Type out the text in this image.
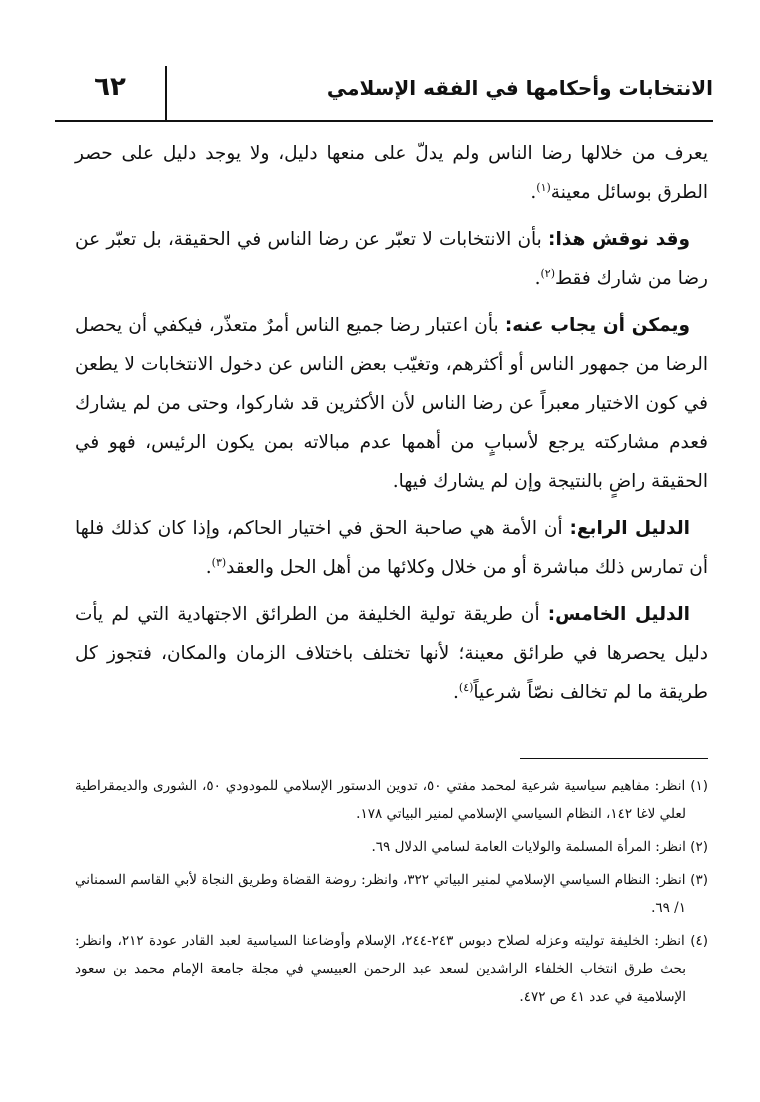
٦٢	الانتخابات وأحكامها في الفقه الإسلامي

يعرف من خلالها رضا الناس ولم يدلّ على منعها دليل، ولا يوجد دليل على حصر الطرق بوسائل معينة$^{(١)}$.

وقد نوقش هذا: بأن الانتخابات لا تعبّر عن رضا الناس في الحقيقة، بل تعبّر عن رضا من شارك فقط$^{(٢)}$.

ويمكن أن يجاب عنه: بأن اعتبار رضا جميع الناس أمرٌ متعذّر، فيكفي أن يحصل الرضا من جمهور الناس أو أكثرهم، وتغيّب بعض الناس عن دخول الانتخابات لا يطعن في كون الاختيار معبراً عن رضا الناس لأن الأكثرين قد شاركوا، وحتى من لم يشارك فعدم مشاركته يرجع لأسبابٍ من أهمها عدم مبالاته بمن يكون الرئيس، فهو في الحقيقة راضٍ بالنتيجة وإن لم يشارك فيها.

الدليل الرابع: أن الأمة هي صاحبة الحق في اختيار الحاكم، وإذا كان كذلك فلها أن تمارس ذلك مباشرة أو من خلال وكلائها من أهل الحل والعقد$^{(٣)}$.

الدليل الخامس: أن طريقة تولية الخليفة من الطرائق الاجتهادية التي لم يأت دليل يحصرها في طرائق معينة؛ لأنها تختلف باختلاف الزمان والمكان، فتجوز كل طريقة ما لم تخالف نصّاً شرعياً$^{(٤)}$.

(١) انظر: مفاهيم سياسية شرعية لمحمد مفتي ٥٠، تدوين الدستور الإسلامي للمودودي ٥٠، الشورى والديمقراطية لعلي لاغا ١٤٢، النظام السياسي الإسلامي لمنير البياتي ١٧٨.
(٢) انظر: المرأة المسلمة والولايات العامة لسامي الدلال ٦٩.
(٣) انظر: النظام السياسي الإسلامي لمنير البياتي ٣٢٢، وانظر: روضة القضاة وطريق النجاة لأبي القاسم السمناني ١/ ٦٩.
(٤) انظر: الخليفة توليته وعزله لصلاح دبوس ٢٤٣-٢٤٤، الإسلام وأوضاعنا السياسية لعبد القادر عودة ٢١٢، وانظر: بحث طرق انتخاب الخلفاء الراشدين لسعد عبد الرحمن العبيسي في مجلة جامعة الإمام محمد بن سعود الإسلامية في عدد ٤١ ص ٤٧٢.
